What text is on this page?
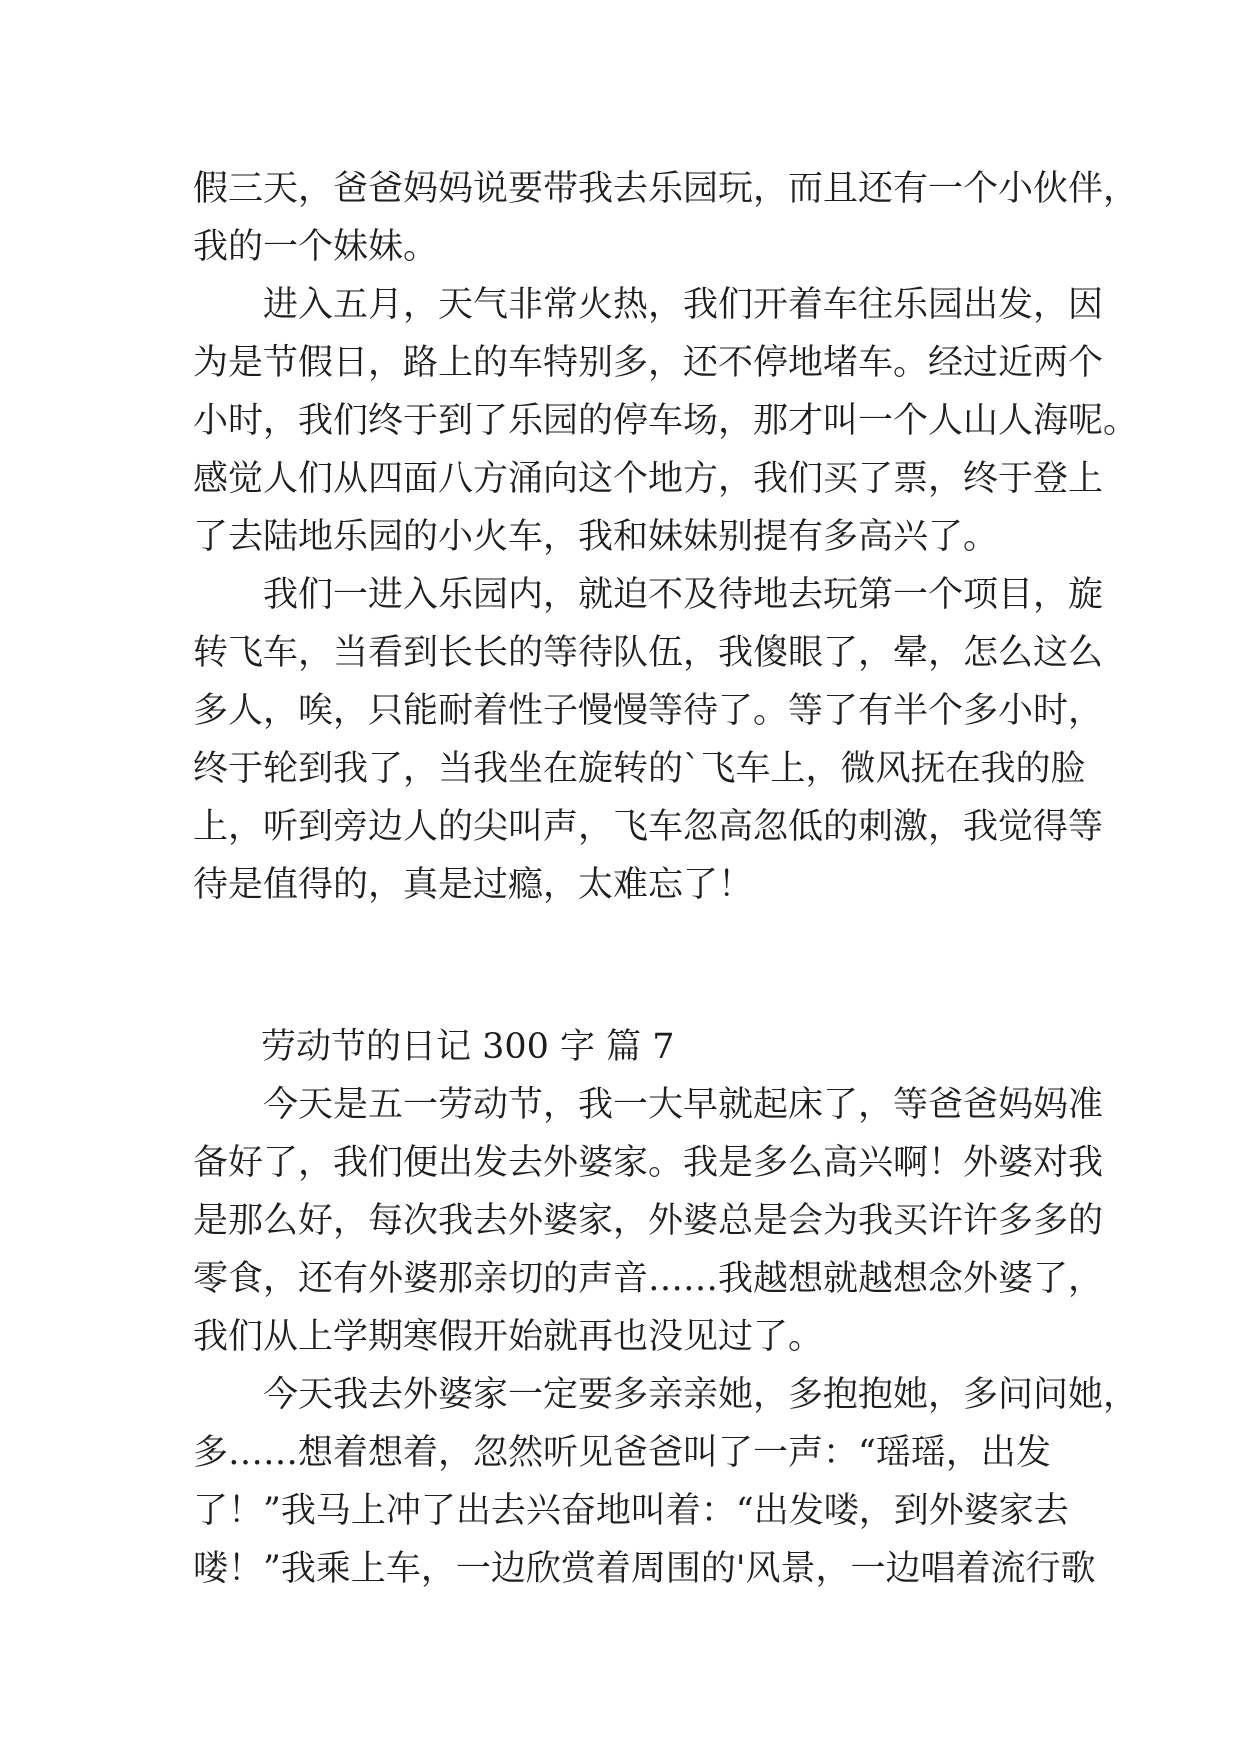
假三天，爸爸妈妈说要带我去乐园玩，而且还有一个小伙伴，
我的一个妹妹。
　　进入五月，天气非常火热，我们开着车往乐园出发，因
为是节假日，路上的车特别多，还不停地堵车。经过近两个
小时，我们终于到了乐园的停车场，那才叫一个人山人海呢。
感觉人们从四面八方涌向这个地方，我们买了票，终于登上
了去陆地乐园的小火车，我和妹妹别提有多高兴了。
　　我们一进入乐园内，就迫不及待地去玩第一个项目，旋
转飞车，当看到长长的等待队伍，我傻眼了，晕，怎么这么
多人，唉，只能耐着性子慢慢等待了。等了有半个多小时，
终于轮到我了，当我坐在旋转的`飞车上，微风抚在我的脸
上，听到旁边人的尖叫声，飞车忽高忽低的刺激，我觉得等
待是值得的，真是过瘾，太难忘了！
劳动节的日记 300 字 篇 7
　　今天是五一劳动节，我一大早就起床了，等爸爸妈妈准
备好了，我们便出发去外婆家。我是多么高兴啊！外婆对我
是那么好，每次我去外婆家，外婆总是会为我买许许多多的
零食，还有外婆那亲切的声音……我越想就越想念外婆了，
我们从上学期寒假开始就再也没见过了。
　　今天我去外婆家一定要多亲亲她，多抱抱她，多问问她，
多……想着想着，忽然听见爸爸叫了一声：“瑶瑶，出发
了！”我马上冲了出去兴奋地叫着：“出发喽，到外婆家去
喽！”我乘上车，一边欣赏着周围的'风景，一边唱着流行歌
